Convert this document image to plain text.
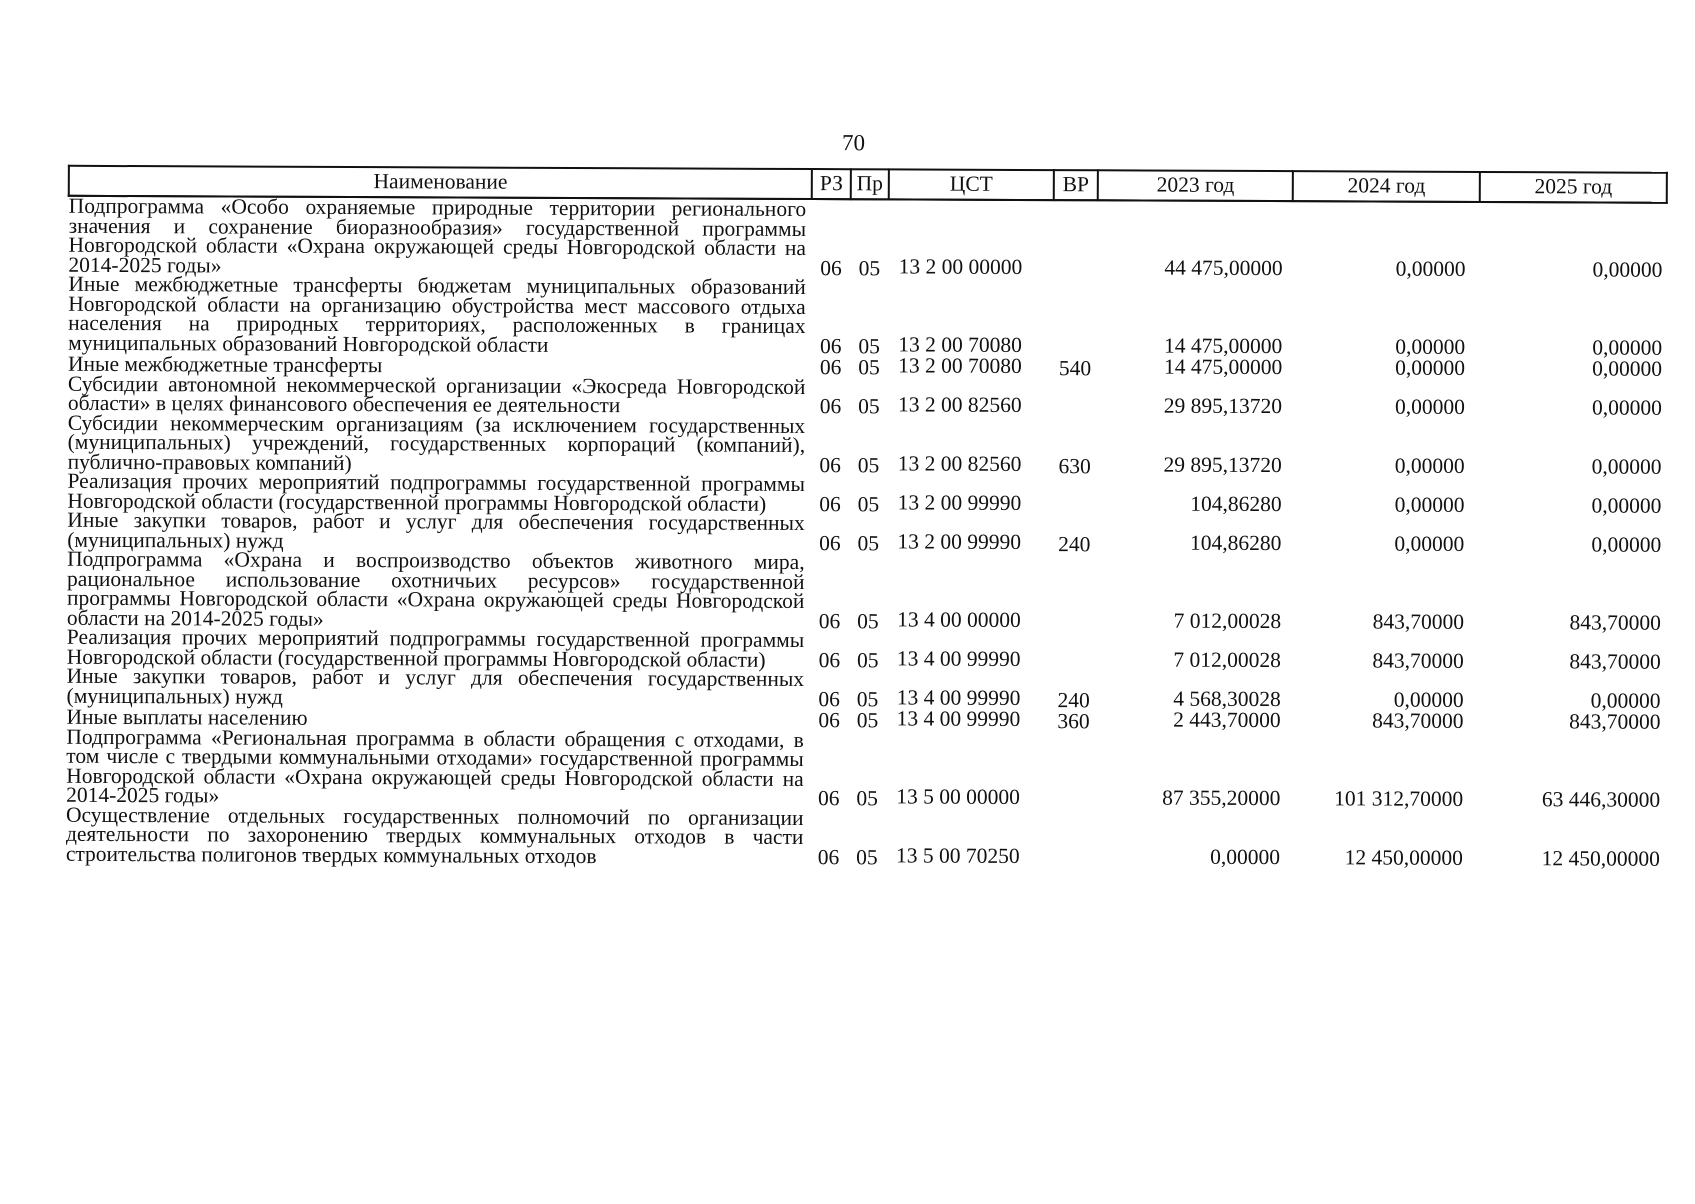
70
Наименование	РЗ	Пр	ЦСТ	ВР	2023 год	2024 год	2025 год
Подпрограмма «Особо охраняемые природные территории регионального значения и сохранение биоразнообразия» государственной программы Новгородской области «Охрана окружающей среды Новгородской области на 2014-2025 годы»	06	05	13 2 00 00000		44 475,00000	0,00000	0,00000
Иные межбюджетные трансферты бюджетам муниципальных образований Новгородской области на организацию обустройства мест массового отдыха населения на природных территориях, расположенных в границах муниципальных образований Новгородской области	06	05	13 2 00 70080		14 475,00000	0,00000	0,00000
Иные межбюджетные трансферты	06	05	13 2 00 70080	540	14 475,00000	0,00000	0,00000
Субсидии автономной некоммерческой организации «Экосреда Новгородской области» в целях финансового обеспечения ее деятельности	06	05	13 2 00 82560		29 895,13720	0,00000	0,00000
Субсидии некоммерческим организациям (за исключением государственных (муниципальных) учреждений, государственных корпораций (компаний), публично-правовых компаний)	06	05	13 2 00 82560	630	29 895,13720	0,00000	0,00000
Реализация прочих мероприятий подпрограммы государственной программы Новгородской области (государственной программы Новгородской области)	06	05	13 2 00 99990		104,86280	0,00000	0,00000
Иные закупки товаров, работ и услуг для обеспечения государственных (муниципальных) нужд	06	05	13 2 00 99990	240	104,86280	0,00000	0,00000
Подпрограмма «Охрана и воспроизводство объектов животного мира, рациональное использование охотничьих ресурсов» государственной программы Новгородской области «Охрана окружающей среды Новгородской области на 2014-2025 годы»	06	05	13 4 00 00000		7 012,00028	843,70000	843,70000
Реализация прочих мероприятий подпрограммы государственной программы Новгородской области (государственной программы Новгородской области)	06	05	13 4 00 99990		7 012,00028	843,70000	843,70000
Иные закупки товаров, работ и услуг для обеспечения государственных (муниципальных) нужд	06	05	13 4 00 99990	240	4 568,30028	0,00000	0,00000
Иные выплаты населению	06	05	13 4 00 99990	360	2 443,70000	843,70000	843,70000
Подпрограмма «Региональная программа в области обращения с отходами, в том числе с твердыми коммунальными отходами» государственной программы Новгородской области «Охрана окружающей среды Новгородской области на 2014-2025 годы»	06	05	13 5 00 00000		87 355,20000	101 312,70000	63 446,30000
Осуществление отдельных государственных полномочий по организации деятельности по захоронению твердых коммунальных отходов в части строительства полигонов твердых коммунальных отходов	06	05	13 5 00 70250		0,00000	12 450,00000	12 450,00000
